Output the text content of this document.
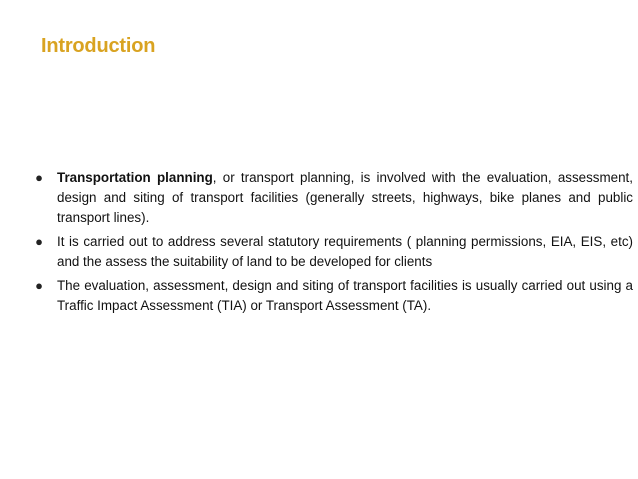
Introduction
● Transportation planning, or transport planning, is involved with the evaluation, assessment, design and siting of transport facilities (generally streets, highways, bike planes and public transport lines).
● It is carried out to address several statutory requirements ( planning permissions, EIA, EIS, etc) and the assess the suitability of land to be developed for clients
● The evaluation, assessment, design and siting of transport facilities is usually carried out using a Traffic Impact Assessment (TIA) or Transport Assessment (TA).
